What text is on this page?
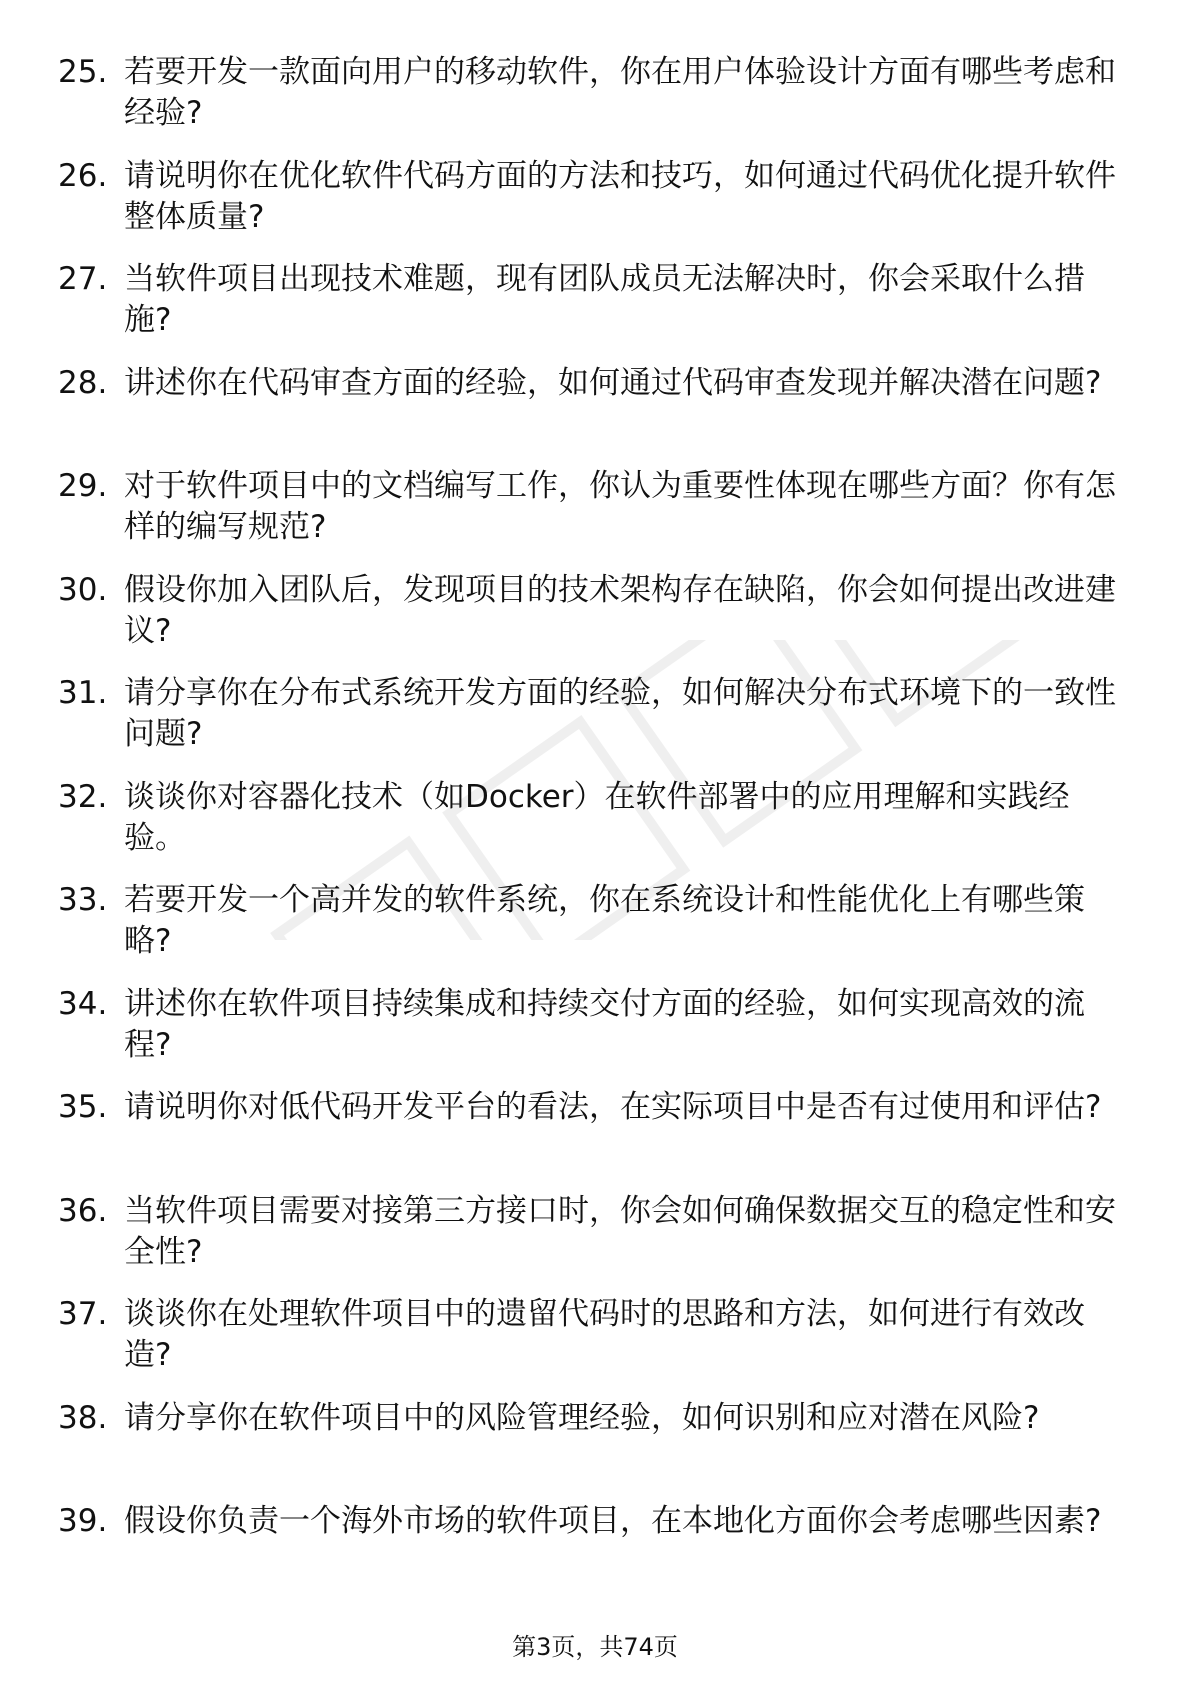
25. 若要开发一款面向用户的移动软件，你在用户体验设计方面有哪些考虑和经验?
26. 请说明你在优化软件代码方面的方法和技巧，如何通过代码优化提升软件整体质量?
27. 当软件项目出现技术难题，现有团队成员无法解决时，你会采取什么措施?
28. 讲述你在代码审查方面的经验，如何通过代码审查发现并解决潜在问题?
29. 对于软件项目中的文档编写工作，你认为重要性体现在哪些方面？你有怎样的编写规范?
30. 假设你加入团队后，发现项目的技术架构存在缺陷，你会如何提出改进建议?
31. 请分享你在分布式系统开发方面的经验，如何解决分布式环境下的一致性问题?
32. 谈谈你对容器化技术（如Docker）在软件部署中的应用理解和实践经验。
33. 若要开发一个高并发的软件系统，你在系统设计和性能优化上有哪些策略?
34. 讲述你在软件项目持续集成和持续交付方面的经验，如何实现高效的流程?
35. 请说明你对低代码开发平台的看法，在实际项目中是否有过使用和评估?
36. 当软件项目需要对接第三方接口时，你会如何确保数据交互的稳定性和安全性?
37. 谈谈你在处理软件项目中的遗留代码时的思路和方法，如何进行有效改造?
38. 请分享你在软件项目中的风险管理经验，如何识别和应对潜在风险?
39. 假设你负责一个海外市场的软件项目，在本地化方面你会考虑哪些因素?
第3页，共74页
